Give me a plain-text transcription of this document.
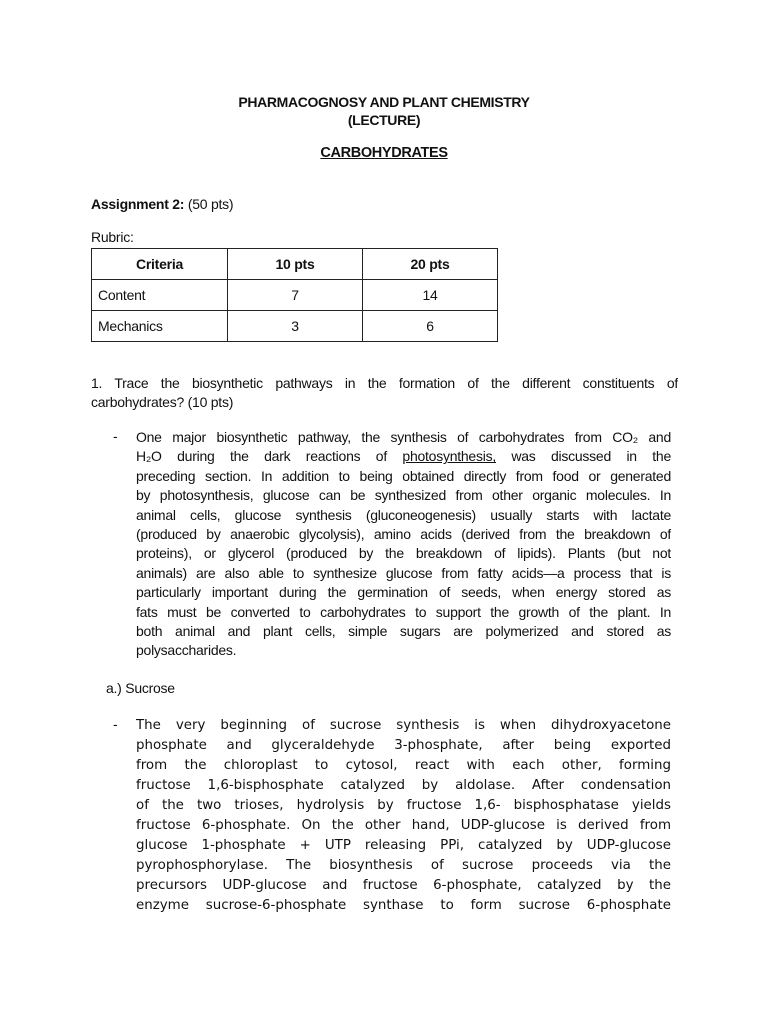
PHARMACOGNOSY AND PLANT CHEMISTRY
(LECTURE)
CARBOHYDRATES
Assignment 2: (50 pts)
Rubric:
Criteria	10 pts	20 pts
Content	7	14
Mechanics	3	6
1. Trace the biosynthetic pathways in the formation of the different constituents of
carbohydrates? (10 pts)
- One major biosynthetic pathway, the synthesis of carbohydrates from CO₂ and
H₂O during the dark reactions of photosynthesis, was discussed in the
preceding section. In addition to being obtained directly from food or generated
by photosynthesis, glucose can be synthesized from other organic molecules. In
animal cells, glucose synthesis (gluconeogenesis) usually starts with lactate
(produced by anaerobic glycolysis), amino acids (derived from the breakdown of
proteins), or glycerol (produced by the breakdown of lipids). Plants (but not
animals) are also able to synthesize glucose from fatty acids—a process that is
particularly important during the germination of seeds, when energy stored as
fats must be converted to carbohydrates to support the growth of the plant. In
both animal and plant cells, simple sugars are polymerized and stored as
polysaccharides.
a.) Sucrose
- The very beginning of sucrose synthesis is when dihydroxyacetone
phosphate and glyceraldehyde 3-phosphate, after being exported
from the chloroplast to cytosol, react with each other, forming
fructose 1,6-bisphosphate catalyzed by aldolase. After condensation
of the two trioses, hydrolysis by fructose 1,6- bisphosphatase yields
fructose 6-phosphate. On the other hand, UDP-glucose is derived from
glucose 1-phosphate + UTP releasing PPi, catalyzed by UDP-glucose
pyrophosphorylase. The biosynthesis of sucrose proceeds via the
precursors UDP-glucose and fructose 6-phosphate, catalyzed by the
enzyme sucrose-6-phosphate synthase to form sucrose 6-phosphate
